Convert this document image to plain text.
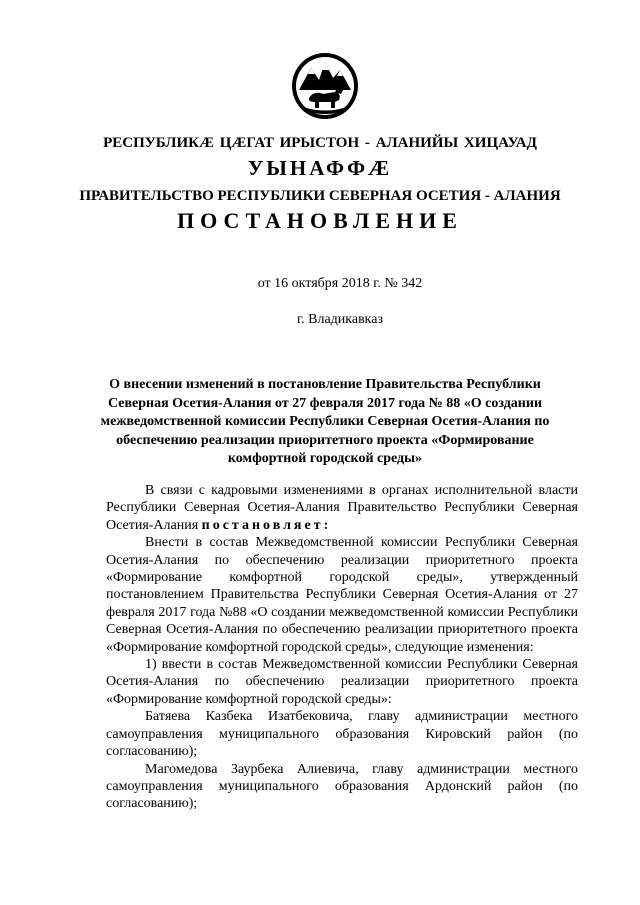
РЕСПУБЛИКӔ ЦӔГАТ ИРЫСТОН - АЛАНИЙЫ ХИЦАУАД
УЫНАФФӔ
ПРАВИТЕЛЬСТВО РЕСПУБЛИКИ СЕВЕРНАЯ ОСЕТИЯ - АЛАНИЯ
ПОСТАНОВЛЕНИЕ
от 16 октября 2018 г. № 342
г. Владикавказ
О внесении изменений в постановление Правительства Республики Северная Осетия-Алания от 27 февраля 2017 года № 88 «О создании межведомственной комиссии Республики Северная Осетия-Алания по обеспечению реализации приоритетного проекта «Формирование комфортной городской среды»

В связи с кадровыми изменениями в органах исполнительной власти Республики Северная Осетия-Алания Правительство Республики Северная Осетия-Алания постановляет:

Внести в состав Межведомственной комиссии Республики Северная Осетия-Алания по обеспечению реализации приоритетного проекта «Формирование комфортной городской среды», утвержденный постановлением Правительства Республики Северная Осетия-Алания от 27 февраля 2017 года №88 «О создании межведомственной комиссии Республики Северная Осетия-Алания по обеспечению реализации приоритетного проекта «Формирование комфортной городской среды», следующие изменения:

1) ввести в состав Межведомственной комиссии Республики Северная Осетия-Алания по обеспечению реализации приоритетного проекта «Формирование комфортной городской среды»:

Батяева Казбека Изатбековича, главу администрации местного самоуправления муниципального образования Кировский район (по согласованию);

Магомедова Заурбека Алиевича, главу администрации местного самоуправления муниципального образования Ардонский район (по согласованию);
